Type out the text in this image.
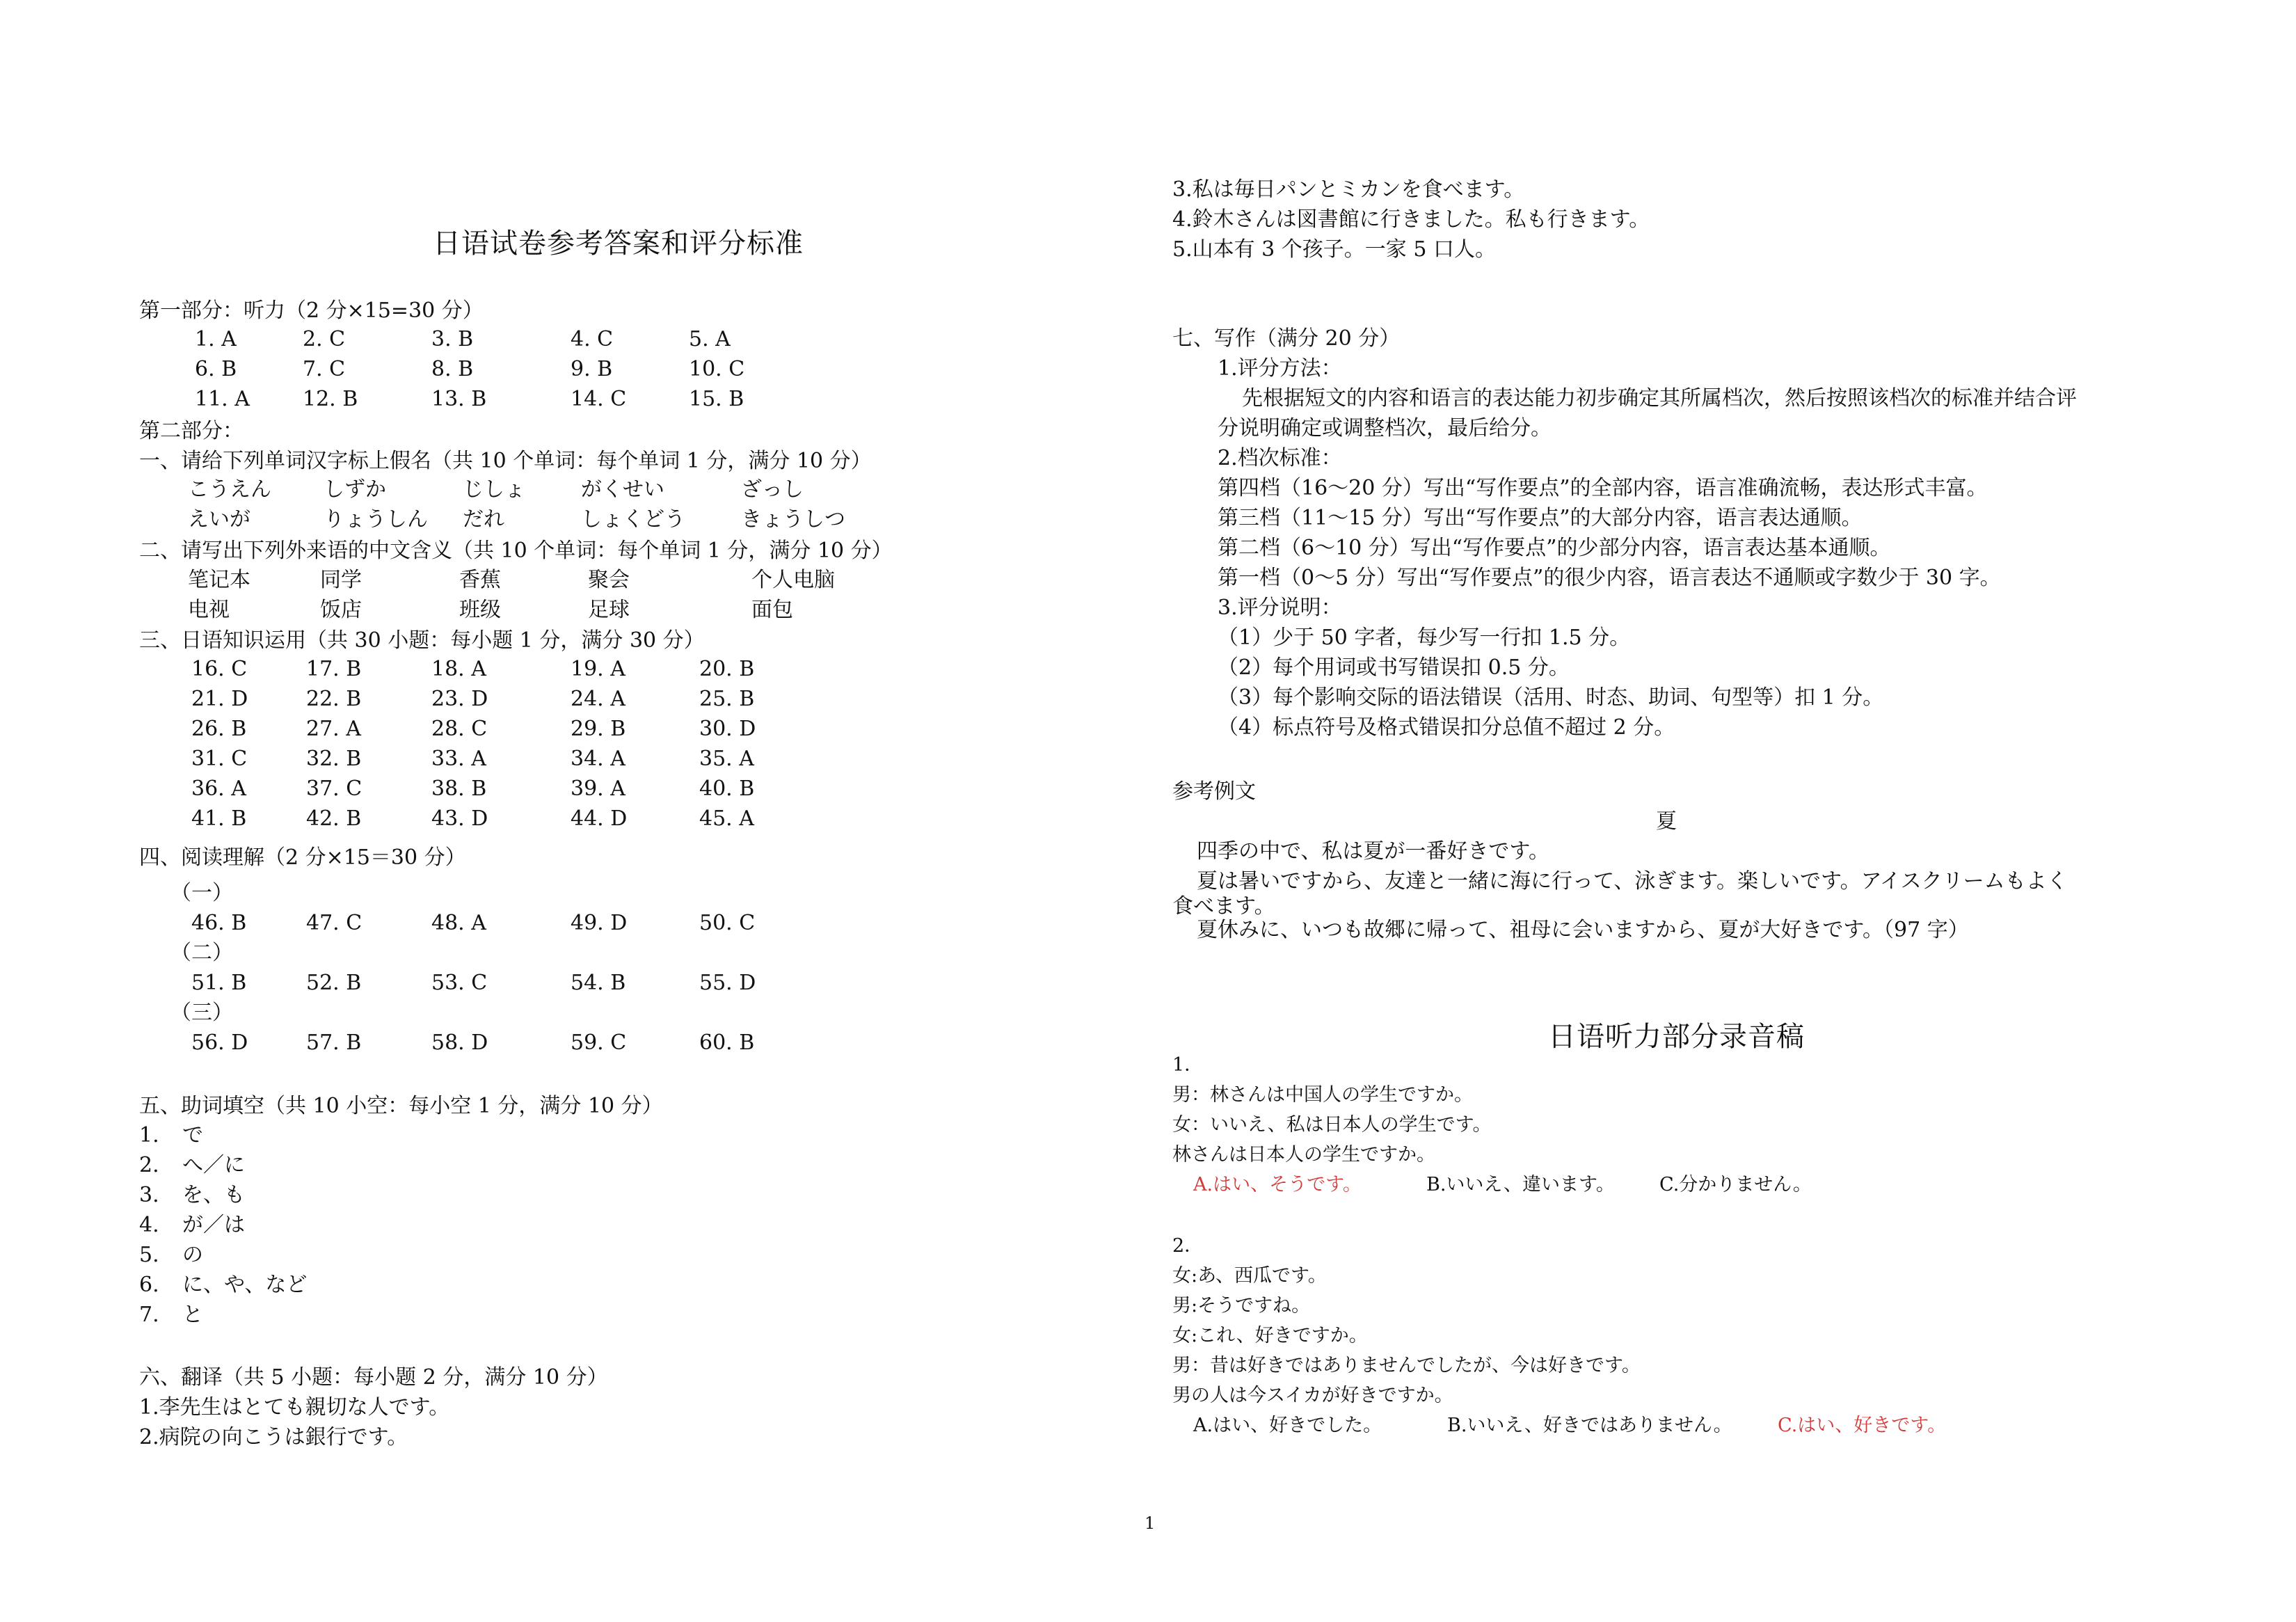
日语试卷参考答案和评分标准
第一部分：听力（2 分×15=30 分）
1. A	2. C	3. B	4. C	5. A
6. B	7. C	8. B	9. B	10. C
11. A	12. B	13. B	14. C	15. B
第二部分：
一、请给下列单词汉字标上假名（共 10 个单词：每个单词 1 分，满分 10 分）
こうえん	しずか	じしょ	がくせい	ざっし
えいが	りょうしん	だれ	しょくどう	きょうしつ
二、请写出下列外来语的中文含义（共 10 个单词：每个单词 1 分，满分 10 分）
笔记本	同学	香蕉	聚会	个人电脑
电视	饭店	班级	足球	面包
三、日语知识运用（共 30 小题：每小题 1 分，满分 30 分）
16. C	17. B	18. A	19. A	20. B
21. D	22. B	23. D	24. A	25. B
26. B	27. A	28. C	29. B	30. D
31. C	32. B	33. A	34. A	35. A
36. A	37. C	38. B	39. A	40. B
41. B	42. B	43. D	44. D	45. A
四、阅读理解（2 分×15＝30 分）
（一）
46. B	47. C	48. A	49. D	50. C
（二）
51. B	52. B	53. C	54. B	55. D
（三）
56. D	57. B	58. D	59. C	60. B
五、助词填空（共 10 小空：每小空 1 分，满分 10 分）
1.	で
2.	へ／に
3.	を、も
4.	が／は
5.	の
6.	に、や、など
7.	と
六、翻译（共 5 小题：每小题 2 分，满分 10 分）
1.李先生はとても親切な人です。
2.病院の向こうは銀行です。
3.私は毎日パンとミカンを食べます。
4.鈴木さんは図書館に行きました。私も行きます。
5.山本有 3 个孩子。一家 5 口人。
七、写作（满分 20 分）
1.评分方法：
先根据短文的内容和语言的表达能力初步确定其所属档次，然后按照该档次的标准并结合评
分说明确定或调整档次，最后给分。
2.档次标准：
第四档（16～20 分）写出“写作要点”的全部内容，语言准确流畅，表达形式丰富。
第三档（11～15 分）写出“写作要点”的大部分内容，语言表达通顺。
第二档（6～10 分）写出“写作要点”的少部分内容，语言表达基本通顺。
第一档（0～5 分）写出“写作要点”的很少内容，语言表达不通顺或字数少于 30 字。
3.评分说明：
（1）少于 50 字者，每少写一行扣 1.5 分。
（2）每个用词或书写错误扣 0.5 分。
（3）每个影响交际的语法错误（活用、时态、助词、句型等）扣 1 分。
（4）标点符号及格式错误扣分总值不超过 2 分。
参考例文
夏
四季の中で、私は夏が一番好きです。
夏は暑いですから、友達と一緒に海に行って、泳ぎます。楽しいです。アイスクリームもよく
食べます。
夏休みに、いつも故郷に帰って、祖母に会いますから、夏が大好きです。（97 字）
日语听力部分录音稿
1．
男：林さんは中国人の学生ですか。
女：いいえ、私は日本人の学生です。
林さんは日本人の学生ですか。
A.はい、そうです。	B.いいえ、違います。 C.分かりません。
2．
女:あ、西瓜です。
男:そうですね。
女:これ、好きですか。
男：昔は好きではありませんでしたが、今は好きです。
男の人は今スイカが好きですか。
A.はい、好きでした。	B.いいえ、好きではありません。 C.はい、好きです。
1
